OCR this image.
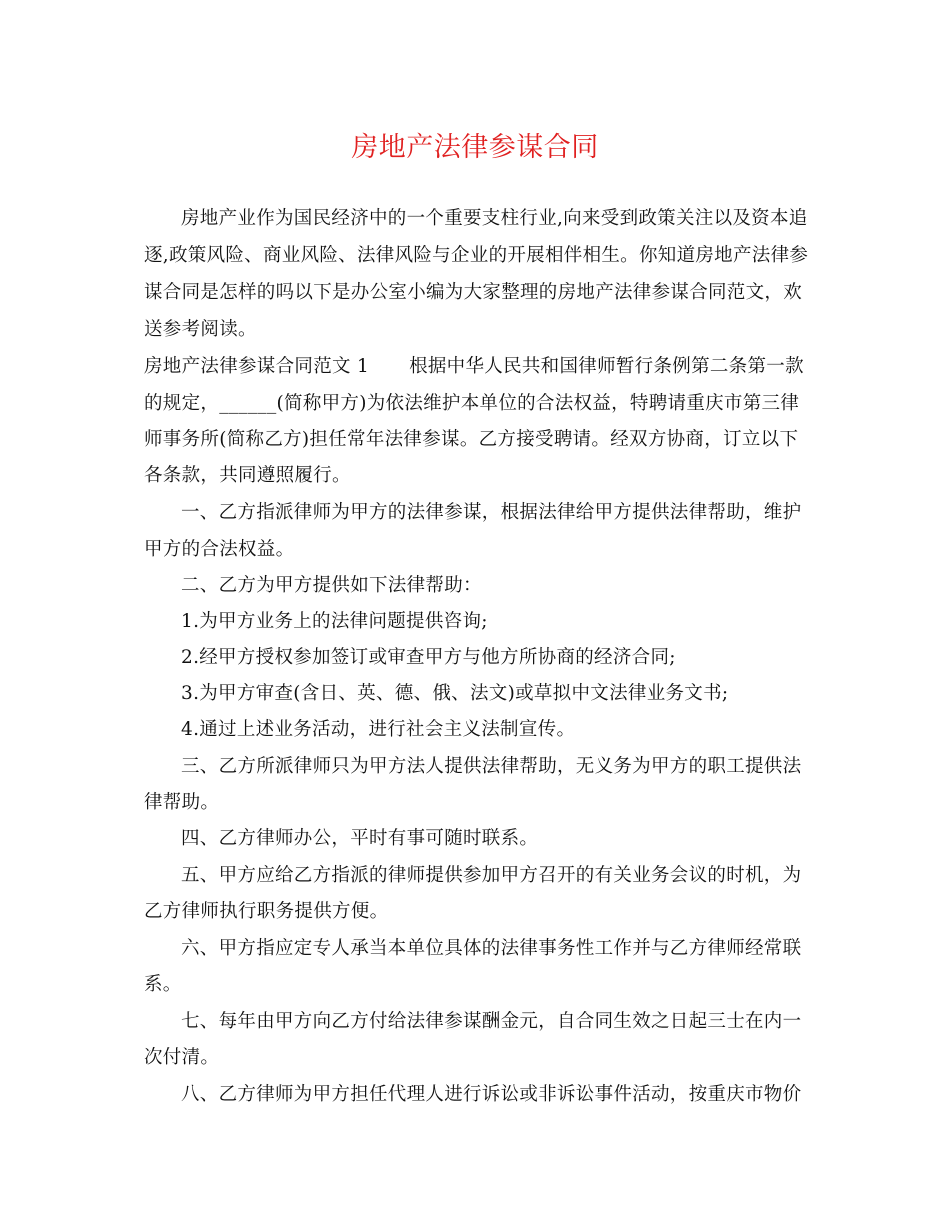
房地产法律参谋合同
房地产业作为国民经济中的一个重要支柱行业,向来受到政策关注以及资本追
逐,政策风险、商业风险、法律风险与企业的开展相伴相生。你知道房地产法律参
谋合同是怎样的吗以下是办公室小编为大家整理的房地产法律参谋合同范文，欢
送参考阅读。
房地产法律参谋合同范文 1 根据中华人民共和国律师暂行条例第二条第一款
的规定，______(简称甲方)为依法维护本单位的合法权益，特聘请重庆市第三律
师事务所(简称乙方)担任常年法律参谋。乙方接受聘请。经双方协商，订立以下
各条款，共同遵照履行。
一、乙方指派律师为甲方的法律参谋，根据法律给甲方提供法律帮助，维护
甲方的合法权益。
二、乙方为甲方提供如下法律帮助：
1.为甲方业务上的法律问题提供咨询;
2.经甲方授权参加签订或审查甲方与他方所协商的经济合同;
3.为甲方审查(含日、英、德、俄、法文)或草拟中文法律业务文书;
4.通过上述业务活动，进行社会主义法制宣传。
三、乙方所派律师只为甲方法人提供法律帮助，无义务为甲方的职工提供法
律帮助。
四、乙方律师办公，平时有事可随时联系。
五、甲方应给乙方指派的律师提供参加甲方召开的有关业务会议的时机，为
乙方律师执行职务提供方便。
六、甲方指应定专人承当本单位具体的法律事务性工作并与乙方律师经常联
系。
七、每年由甲方向乙方付给法律参谋酬金元，自合同生效之日起三士在内一
次付清。
八、乙方律师为甲方担任代理人进行诉讼或非诉讼事件活动，按重庆市物价
